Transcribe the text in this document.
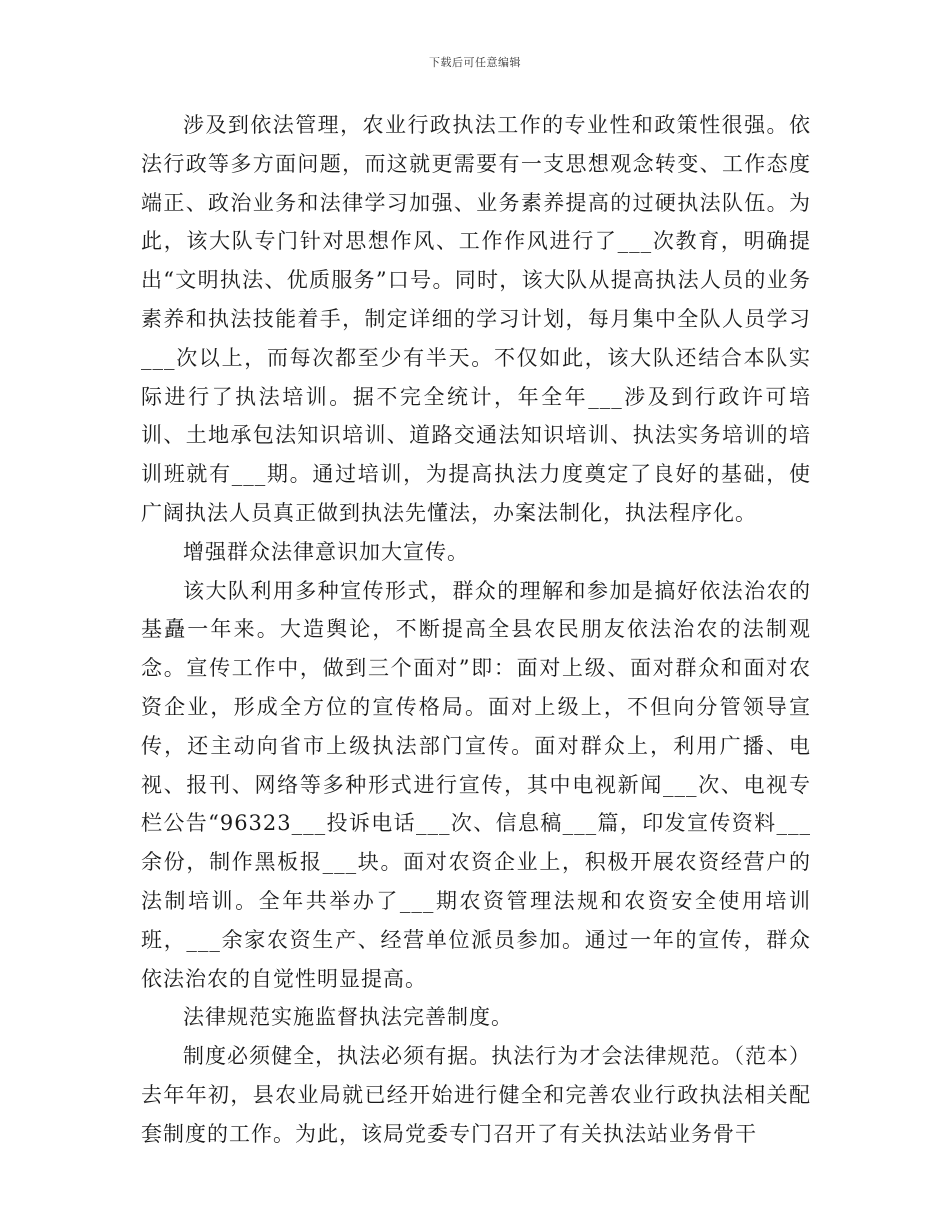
下载后可任意编辑

涉及到依法管理，农业行政执法工作的专业性和政策性很强。依法行政等多方面问题，而这就更需要有一支思想观念转变、工作态度端正、政治业务和法律学习加强、业务素养提高的过硬执法队伍。为此，该大队专门针对思想作风、工作作风进行了___次教育，明确提出“文明执法、优质服务”口号。同时，该大队从提高执法人员的业务素养和执法技能着手，制定详细的学习计划，每月集中全队人员学习___次以上，而每次都至少有半天。不仅如此，该大队还结合本队实际进行了执法培训。据不完全统计，年全年___涉及到行政许可培训、土地承包法知识培训、道路交通法知识培训、执法实务培训的培训班就有___期。通过培训，为提高执法力度奠定了良好的基础，使广阔执法人员真正做到执法先懂法，办案法制化，执法程序化。

增强群众法律意识加大宣传。

该大队利用多种宣传形式，群众的理解和参加是搞好依法治农的基矗一年来。大造舆论，不断提高全县农民朋友依法治农的法制观念。宣传工作中，做到三个面对”即：面对上级、面对群众和面对农资企业，形成全方位的宣传格局。面对上级上，不但向分管领导宣传，还主动向省市上级执法部门宣传。面对群众上，利用广播、电视、报刊、网络等多种形式进行宣传，其中电视新闻___次、电视专栏公告“96323___投诉电话___次、信息稿___篇，印发宣传资料___余份，制作黑板报___块。面对农资企业上，积极开展农资经营户的法制培训。全年共举办了___期农资管理法规和农资安全使用培训班，___余家农资生产、经营单位派员参加。通过一年的宣传，群众依法治农的自觉性明显提高。

法律规范实施监督执法完善制度。

制度必须健全，执法必须有据。执法行为才会法律规范。（范本）去年年初，县农业局就已经开始进行健全和完善农业行政执法相关配套制度的工作。为此，该局党委专门召开了有关执法站业务骨干
